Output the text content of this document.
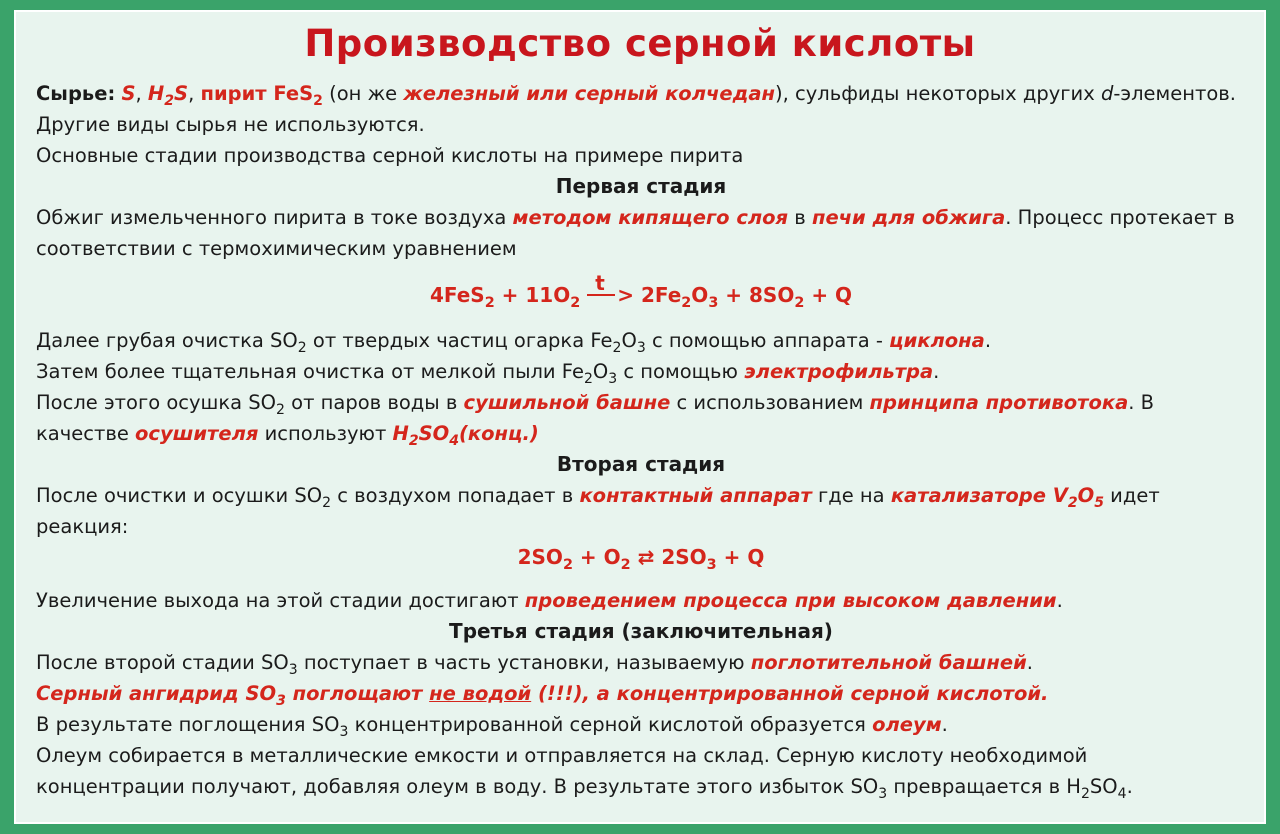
Производство серной кислоты
Сырье: S, $H_2S$, пирит FeS$_2$ (он же железный или серный колчедан), сульфиды некоторых других d-элементов.
Другие виды сырья не используются.
Основные стадии производства серной кислоты на примере пирита
Первая стадия
Обжиг измельченного пирита в токе воздуха методом кипящего слоя в печи для обжига. Процесс протекает в
соответствии с термохимическим уравнением
$4FeS_2 + 11O_2$
$t > 2Fe_2O_3 + 8SO_2 + Q$
Далее грубая очистка $SO_2$ от твердых частиц огарка $Fe_2O_3$ с помощью аппарата - циклона.
Затем более тщательная очистка от мелкой пыли $Fe_2O_3$ с помощью электрофильтра.
После этого осушка $SO_2$ от паров воды в сушильной башне с использованием принципа противотока. В
качестве осушителя используют $H_2SO_4(конц.)$
Вторая стадия
После очистки и осушки $SO_2$ с воздухом попадает в контактный аппарат где на катализаторе $V_2O_5$ идет
реакция:
$2SO_2 + O_2$ ⇄ $2SO_3 + Q$
Увеличение выхода на этой стадии достигают проведением процесса при высоком давлении.
Третья стадия (заключительная)
После второй стадии $SO_3$ поступает в часть установки, называемую поглотительной башней.
Серный ангидрид $SO_3$ поглощают не водой (!!!), а концентрированной серной кислотой.
В результате поглощения $SO_3$ концентрированной серной кислотой образуется олеум.
Олеум собирается в металлические емкости и отправляется на склад. Серную кислоту необходимой
концентрации получают, добавляя олеум в воду. В результате этого избыток $SO_3$ превращается в $H_2SO_4$.
